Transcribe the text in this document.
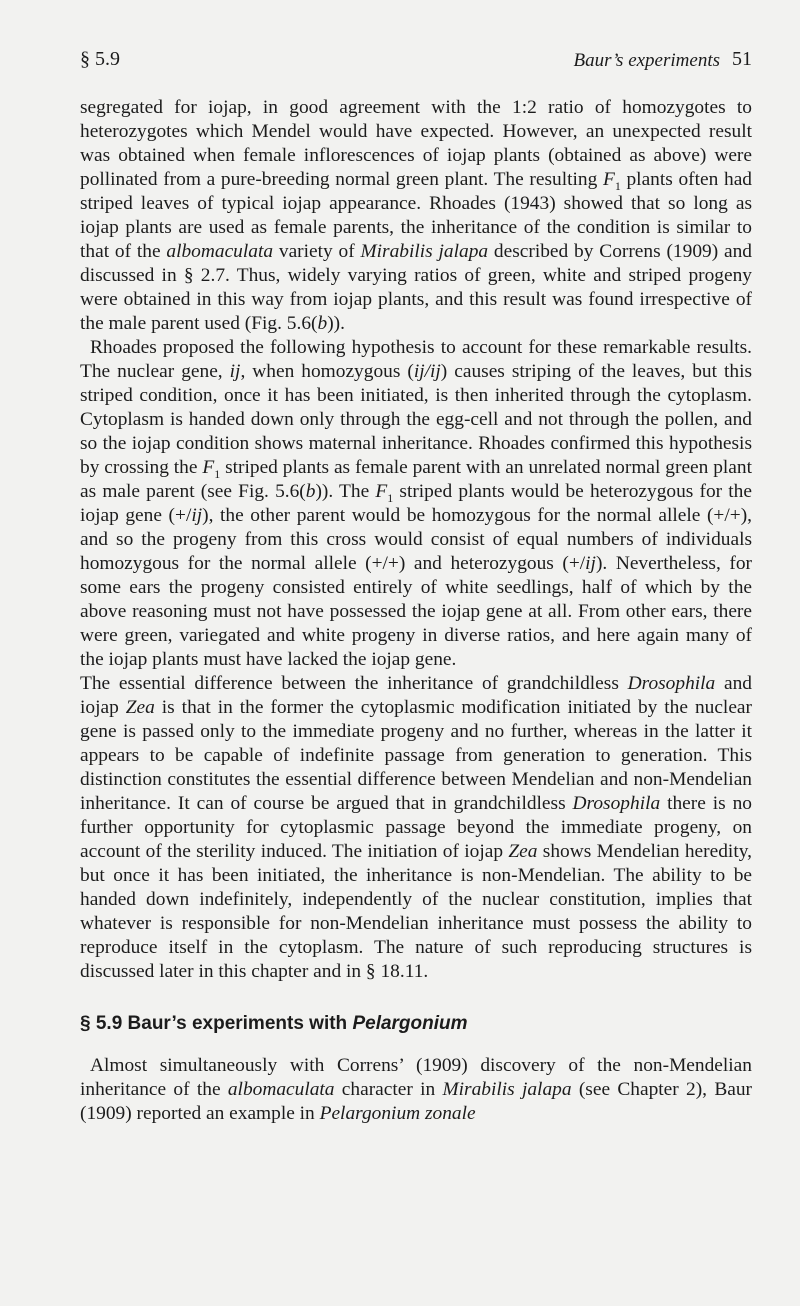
§ 5.9	Baur’s experiments 51

segregated for iojap, in good agreement with the 1:2 ratio of homozygotes to heterozygotes which Mendel would have expected. However, an unexpected result was obtained when female inflorescences of iojap plants (obtained as above) were pollinated from a pure-breeding normal green plant. The resulting $F_1$ plants often had striped leaves of typical iojap appearance. Rhoades (1943) showed that so long as iojap plants are used as female parents, the inheritance of the condition is similar to that of the albomaculata variety of Mirabilis jalapa described by Correns (1909) and discussed in § 2.7. Thus, widely varying ratios of green, white and striped progeny were obtained in this way from iojap plants, and this result was found irrespective of the male parent used (Fig. 5.6(b)).

Rhoades proposed the following hypothesis to account for these remarkable results. The nuclear gene, ij, when homozygous (ij/ij) causes striping of the leaves, but this striped condition, once it has been initiated, is then inherited through the cytoplasm. Cytoplasm is handed down only through the egg-cell and not through the pollen, and so the iojap condition shows maternal inheritance. Rhoades confirmed this hypothesis by crossing the $F_1$ striped plants as female parent with an unrelated normal green plant as male parent (see Fig. 5.6(b)). The $F_1$ striped plants would be heterozygous for the iojap gene (+/ij), the other parent would be homozygous for the normal allele (+/+), and so the progeny from this cross would consist of equal numbers of individuals homozygous for the normal allele (+/+) and heterozygous (+/ij). Nevertheless, for some ears the progeny consisted entirely of white seedlings, half of which by the above reasoning must not have possessed the iojap gene at all. From other ears, there were green, variegated and white progeny in diverse ratios, and here again many of the iojap plants must have lacked the iojap gene.

The essential difference between the inheritance of grandchildless Drosophila and iojap Zea is that in the former the cytoplasmic modification initiated by the nuclear gene is passed only to the immediate progeny and no further, whereas in the latter it appears to be capable of indefinite passage from generation to generation. This distinction constitutes the essential difference between Mendelian and non-Mendelian inheritance. It can of course be argued that in grandchildless Drosophila there is no further opportunity for cytoplasmic passage beyond the immediate progeny, on account of the sterility induced. The initiation of iojap Zea shows Mendelian heredity, but once it has been initiated, the inheritance is non-Mendelian. The ability to be handed down indefinitely, independently of the nuclear constitution, implies that whatever is responsible for non-Mendelian inheritance must possess the ability to reproduce itself in the cytoplasm. The nature of such reproducing structures is discussed later in this chapter and in § 18.11.

§ 5.9 Baur’s experiments with Pelargonium

Almost simultaneously with Correns’ (1909) discovery of the non-Mendelian inheritance of the albomaculata character in Mirabilis jalapa (see Chapter 2), Baur (1909) reported an example in Pelargonium zonale
